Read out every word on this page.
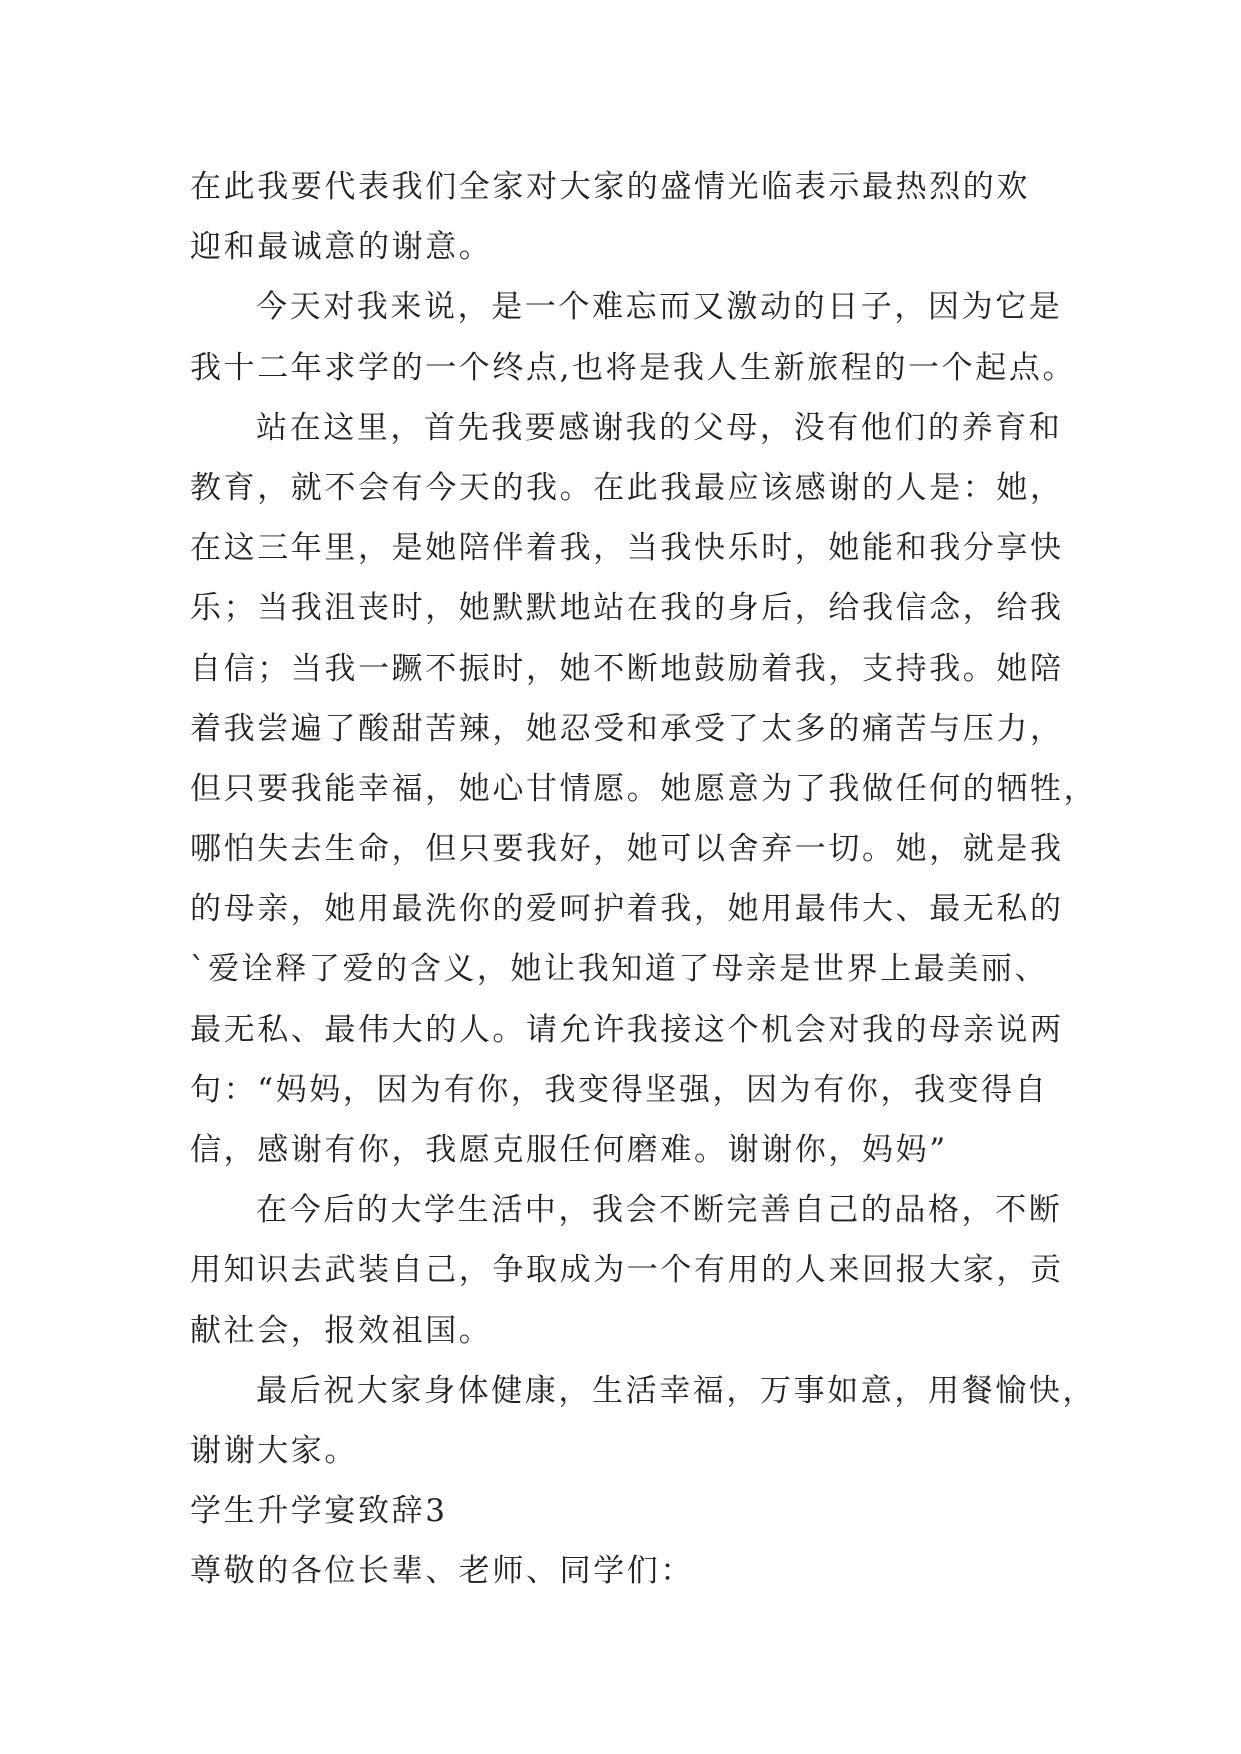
在此我要代表我们全家对大家的盛情光临表示最热烈的欢
迎和最诚意的谢意。
今天对我来说，是一个难忘而又激动的日子，因为它是
我十二年求学的一个终点,也将是我人生新旅程的一个起点。
站在这里，首先我要感谢我的父母，没有他们的养育和
教育，就不会有今天的我。在此我最应该感谢的人是：她，
在这三年里，是她陪伴着我，当我快乐时，她能和我分享快
乐；当我沮丧时，她默默地站在我的身后，给我信念，给我
自信；当我一蹶不振时，她不断地鼓励着我，支持我。她陪
着我尝遍了酸甜苦辣，她忍受和承受了太多的痛苦与压力，
但只要我能幸福，她心甘情愿。她愿意为了我做任何的牺牲，
哪怕失去生命，但只要我好，她可以舍弃一切。她，就是我
的母亲，她用最洗你的爱呵护着我，她用最伟大、最无私的
`爱诠释了爱的含义，她让我知道了母亲是世界上最美丽、
最无私、最伟大的人。请允许我接这个机会对我的母亲说两
句：“妈妈，因为有你，我变得坚强，因为有你，我变得自
信，感谢有你，我愿克服任何磨难。谢谢你，妈妈”
在今后的大学生活中，我会不断完善自己的品格，不断
用知识去武装自己，争取成为一个有用的人来回报大家，贡
献社会，报效祖国。
最后祝大家身体健康，生活幸福，万事如意，用餐愉快，
谢谢大家。
学生升学宴致辞3
尊敬的各位长辈、老师、同学们：
